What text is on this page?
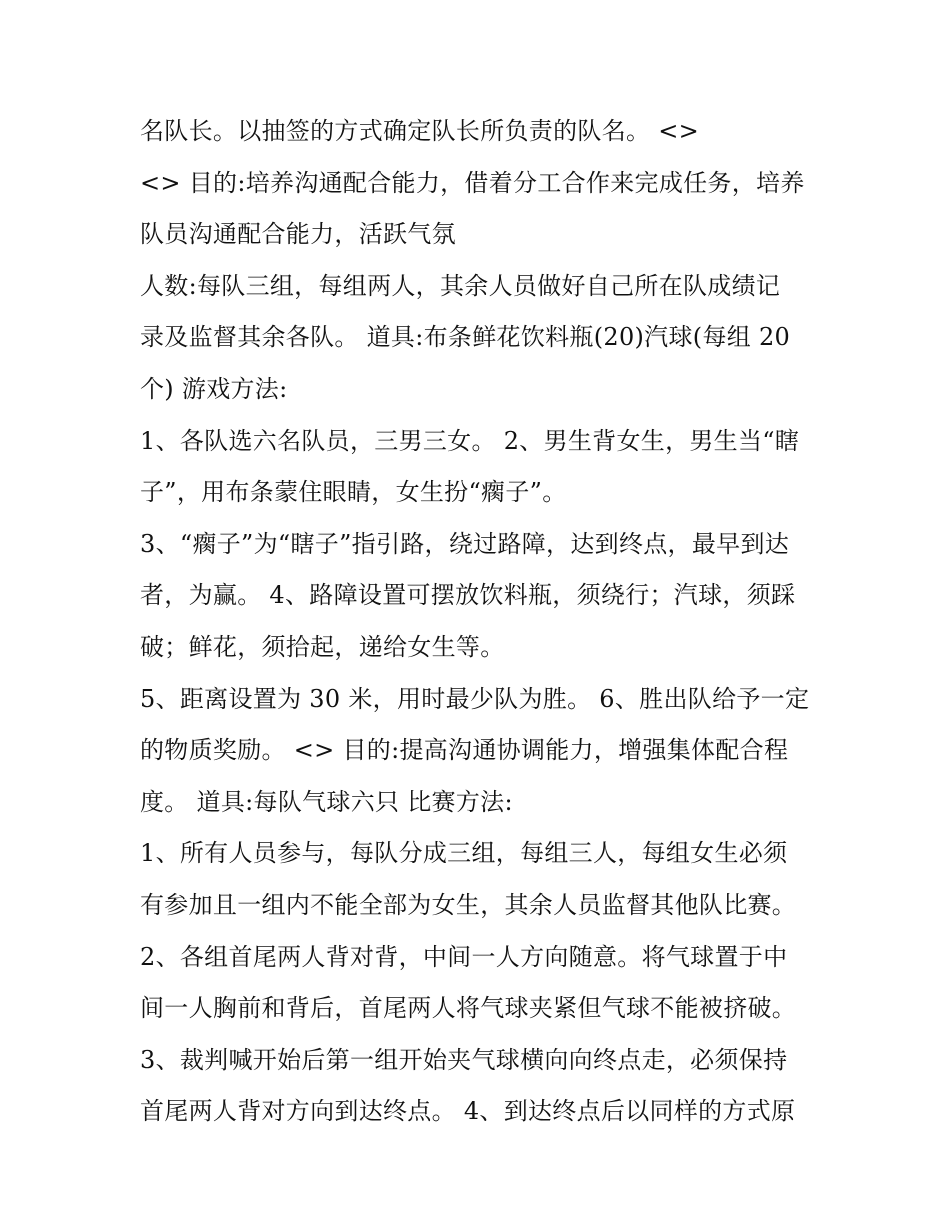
名队长。以抽签的方式确定队长所负责的队名。 <>
<> 目的:培养沟通配合能力，借着分工合作来完成任务，培养
队员沟通配合能力，活跃气氛
人数:每队三组，每组两人，其余人员做好自己所在队成绩记
录及监督其余各队。 道具:布条鲜花饮料瓶(20)汽球(每组 20
个) 游戏方法:
1、各队选六名队员，三男三女。 2、男生背女生，男生当“瞎
子”，用布条蒙住眼睛，女生扮“瘸子”。
3、“瘸子”为“瞎子”指引路，绕过路障，达到终点，最早到达
者，为赢。 4、路障设置可摆放饮料瓶，须绕行；汽球，须踩
破；鲜花，须拾起，递给女生等。
5、距离设置为 30 米，用时最少队为胜。 6、胜出队给予一定
的物质奖励。 <> 目的:提高沟通协调能力，增强集体配合程
度。 道具:每队气球六只 比赛方法:
1、所有人员参与，每队分成三组，每组三人，每组女生必须
有参加且一组内不能全部为女生，其余人员监督其他队比赛。
2、各组首尾两人背对背，中间一人方向随意。将气球置于中
间一人胸前和背后，首尾两人将气球夹紧但气球不能被挤破。
3、裁判喊开始后第一组开始夹气球横向向终点走，必须保持
首尾两人背对方向到达终点。 4、到达终点后以同样的方式原
